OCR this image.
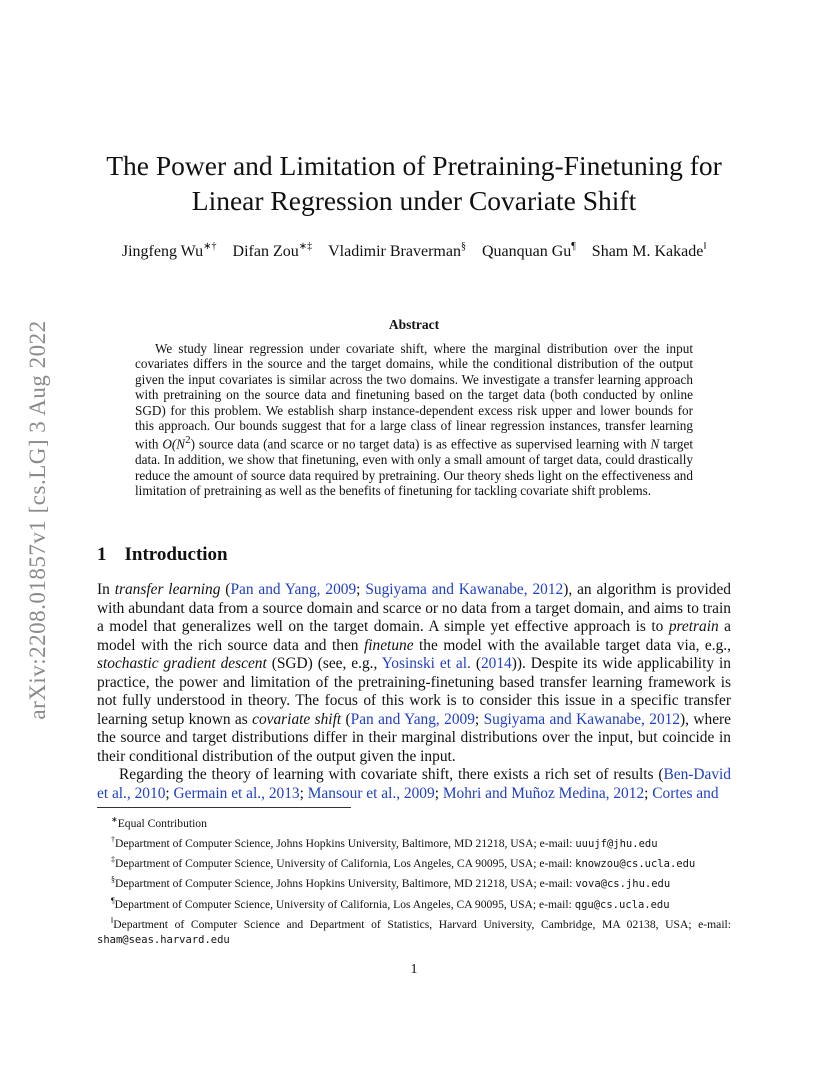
arXiv:2208.01857v1 [cs.LG] 3 Aug 2022
The Power and Limitation of Pretraining-Finetuning for
Linear Regression under Covariate Shift
Jingfeng Wu∗† Difan Zou∗‡ Vladimir Braverman§ Quanquan Gu¶ Sham M. Kakade‖
Abstract
We study linear regression under covariate shift, where the marginal distribution over the input covariates differs in the source and the target domains, while the conditional distribution of the output given the input covariates is similar across the two domains. We investigate a transfer learning approach with pretraining on the source data and finetuning based on the target data (both conducted by online SGD) for this problem. We establish sharp instance-dependent excess risk upper and lower bounds for this approach. Our bounds suggest that for a large class of linear regression instances, transfer learning with $O(N^2)$ source data (and scarce or no target data) is as effective as supervised learning with N target data. In addition, we show that finetuning, even with only a small amount of target data, could drastically reduce the amount of source data required by pretraining. Our theory sheds light on the effectiveness and limitation of pretraining as well as the benefits of finetuning for tackling covariate shift problems.
1 Introduction

In transfer learning (Pan and Yang, 2009; Sugiyama and Kawanabe, 2012), an algorithm is provided with abundant data from a source domain and scarce or no data from a target domain, and aims to train a model that generalizes well on the target domain. A simple yet effective approach is to pretrain a model with the rich source data and then finetune the model with the available target data via, e.g., stochastic gradient descent (SGD) (see, e.g., Yosinski et al. (2014)). Despite its wide applicability in practice, the power and limitation of the pretraining-finetuning based transfer learning framework is not fully understood in theory. The focus of this work is to consider this issue in a specific transfer learning setup known as covariate shift (Pan and Yang, 2009; Sugiyama and Kawanabe, 2012), where the source and target distributions differ in their marginal distributions over the input, but coincide in their conditional distribution of the output given the input.

Regarding the theory of learning with covariate shift, there exists a rich set of results (Ben-David et al., 2010; Germain et al., 2013; Mansour et al., 2009; Mohri and Muñoz Medina, 2012; Cortes and

∗Equal Contribution
†Department of Computer Science, Johns Hopkins University, Baltimore, MD 21218, USA; e-mail: uuujf@jhu.edu
‡Department of Computer Science, University of California, Los Angeles, CA 90095, USA; e-mail: knowzou@cs.ucla.edu
§Department of Computer Science, Johns Hopkins University, Baltimore, MD 21218, USA; e-mail: vova@cs.jhu.edu
¶Department of Computer Science, University of California, Los Angeles, CA 90095, USA; e-mail: qgu@cs.ucla.edu
‖Department of Computer Science and Department of Statistics, Harvard University, Cambridge, MA 02138, USA; e-mail: sham@seas.harvard.edu
1
